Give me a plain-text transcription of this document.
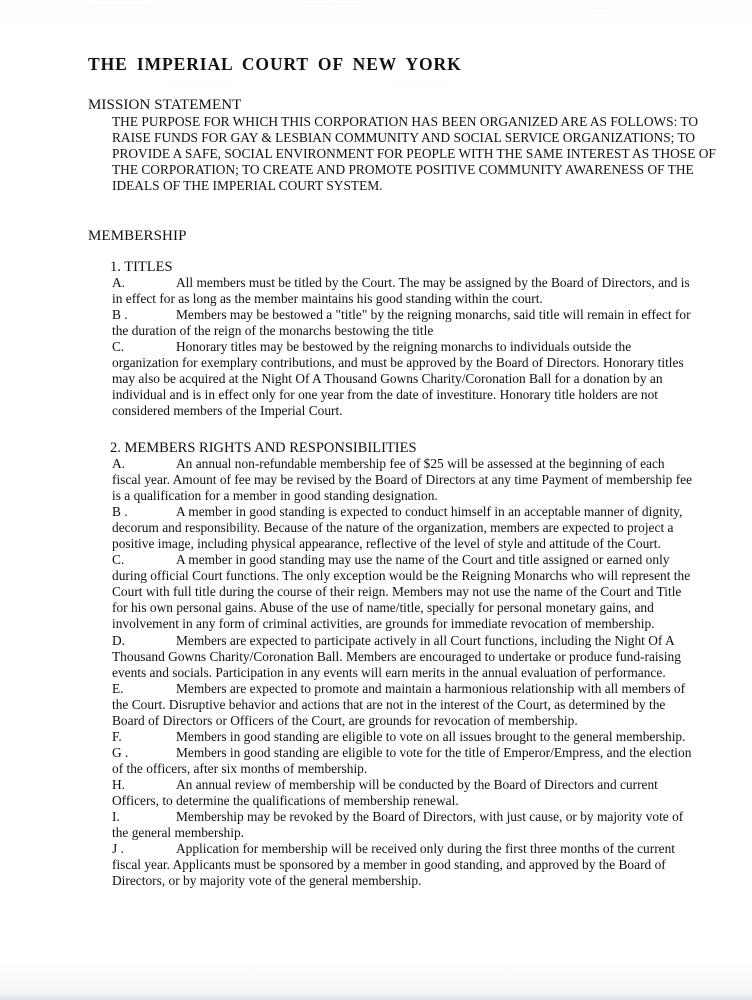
THE IMPERIAL COURT OF NEW YORK
MISSION STATEMENT
THE PURPOSE FOR WHICH THIS CORPORATION HAS BEEN ORGANIZED ARE AS FOLLOWS: TO RAISE FUNDS FOR GAY & LESBIAN COMMUNITY AND SOCIAL SERVICE ORGANIZATIONS; TO PROVIDE A SAFE, SOCIAL ENVIRONMENT FOR PEOPLE WITH THE SAME INTEREST AS THOSE OF THE CORPORATION; TO CREATE AND PROMOTE POSITIVE COMMUNITY AWARENESS OF THE IDEALS OF THE IMPERIAL COURT SYSTEM.
MEMBERSHIP
1. TITLES
A.	All members must be titled by the Court. The may be assigned by the Board of Directors, and is in effect for as long as the member maintains his good standing within the court.
B .	Members may be bestowed a "title" by the reigning monarchs, said title will remain in effect for the duration of the reign of the monarchs bestowing the title
C.	Honorary titles may be bestowed by the reigning monarchs to individuals outside the organization for exemplary contributions, and must be approved by the Board of Directors. Honorary titles may also be acquired at the Night Of A Thousand Gowns Charity/Coronation Ball for a donation by an individual and is in effect only for one year from the date of investiture. Honorary title holders are not considered members of the Imperial Court.
2. MEMBERS RIGHTS AND RESPONSIBILITIES
A.	An annual non-refundable membership fee of $25 will be assessed at the beginning of each fiscal year. Amount of fee may be revised by the Board of Directors at any time Payment of membership fee is a qualification for a member in good standing designation.
B .	A member in good standing is expected to conduct himself in an acceptable manner of dignity, decorum and responsibility. Because of the nature of the organization, members are expected to project a positive image, including physical appearance, reflective of the level of style and attitude of the Court.
C.	A member in good standing may use the name of the Court and title assigned or earned only during official Court functions. The only exception would be the Reigning Monarchs who will represent the Court with full title during the course of their reign. Members may not use the name of the Court and Title for his own personal gains. Abuse of the use of name/title, specially for personal monetary gains, and involvement in any form of criminal activities, are grounds for immediate revocation of membership.
D.	Members are expected to participate actively in all Court functions, including the Night Of A Thousand Gowns Charity/Coronation Ball. Members are encouraged to undertake or produce fund-raising events and socials. Participation in any events will earn merits in the annual evaluation of performance.
E.	Members are expected to promote and maintain a harmonious relationship with all members of the Court. Disruptive behavior and actions that are not in the interest of the Court, as determined by the Board of Directors or Officers of the Court, are grounds for revocation of membership.
F.	Members in good standing are eligible to vote on all issues brought to the general membership.
G .	Members in good standing are eligible to vote for the title of Emperor/Empress, and the election of the officers, after six months of membership.
H.	An annual review of membership will be conducted by the Board of Directors and current Officers, to determine the qualifications of membership renewal.
I.	Membership may be revoked by the Board of Directors, with just cause, or by majority vote of the general membership.
J .	Application for membership will be received only during the first three months of the current fiscal year. Applicants must be sponsored by a member in good standing, and approved by the Board of Directors, or by majority vote of the general membership.
